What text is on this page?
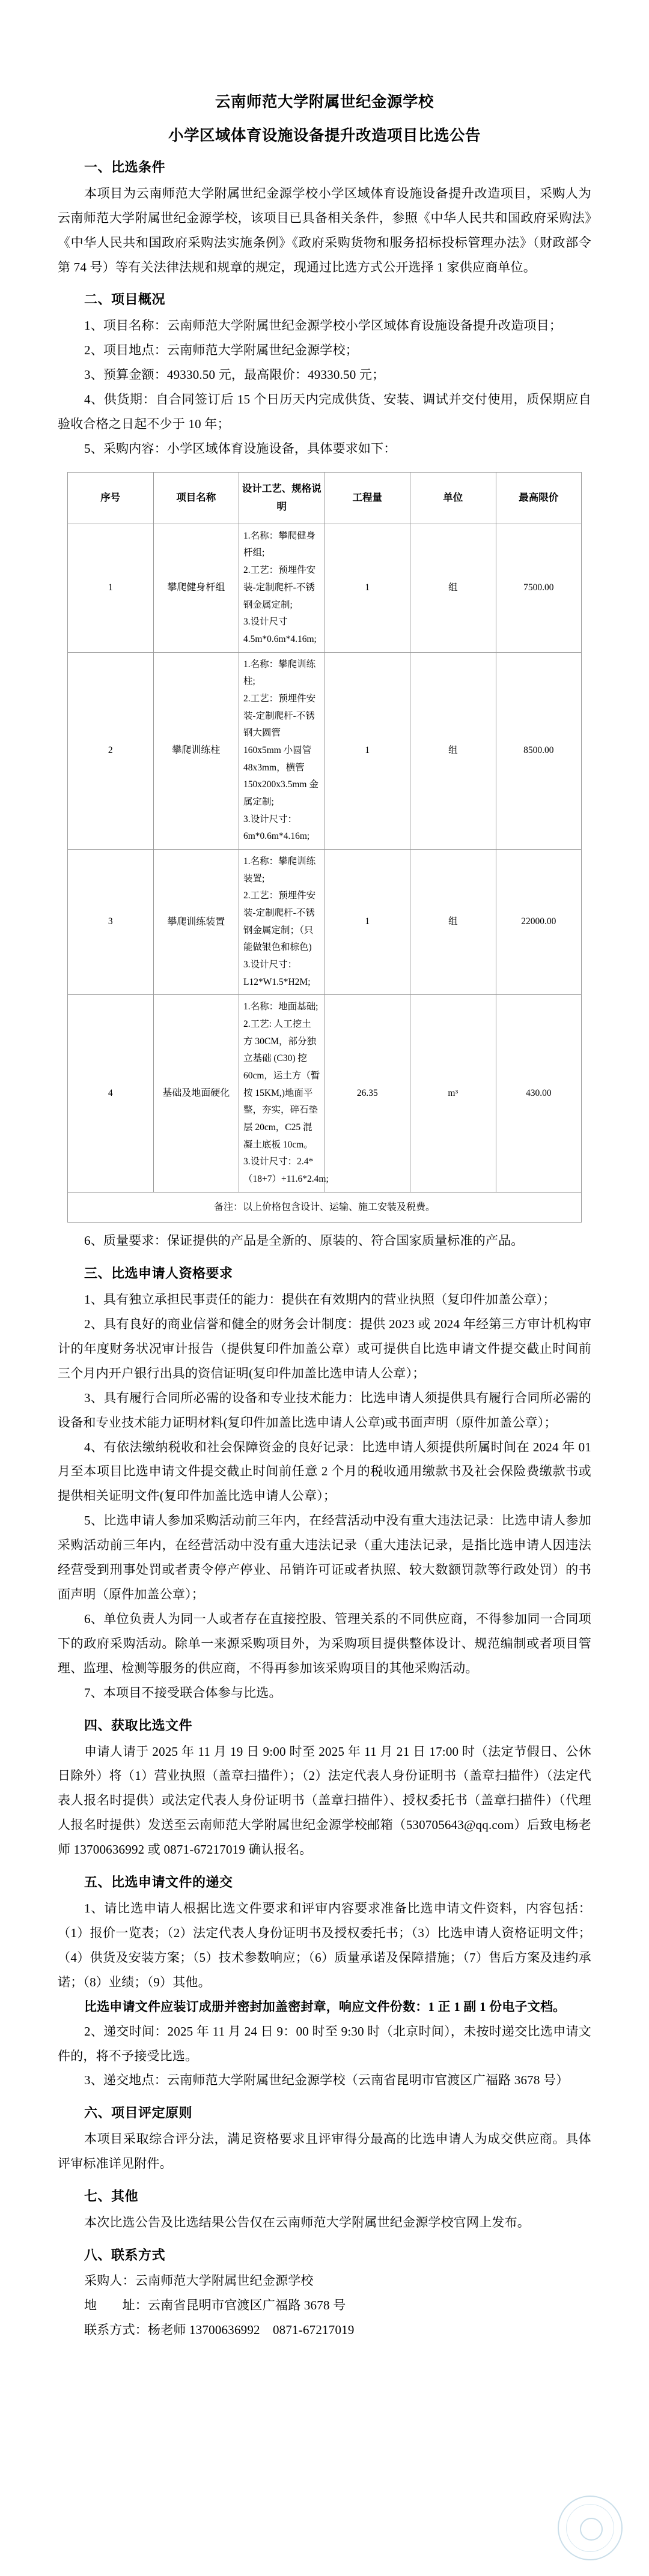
云南师范大学附属世纪金源学校
小学区域体育设施设备提升改造项目比选公告
一、比选条件

本项目为云南师范大学附属世纪金源学校小学区域体育设施设备提升改造项目，采购人为云南师范大学附属世纪金源学校，该项目已具备相关条件，参照《中华人民共和国政府采购法》《中华人民共和国政府采购法实施条例》《政府采购货物和服务招标投标管理办法》（财政部令第 74 号）等有关法律法规和规章的规定，现通过比选方式公开选择 1 家供应商单位。

二、项目概况

1、项目名称：云南师范大学附属世纪金源学校小学区域体育设施设备提升改造项目；

2、项目地点：云南师范大学附属世纪金源学校；

3、预算金额：49330.50 元，最高限价：49330.50 元；

4、供货期：自合同签订后 15 个日历天内完成供货、安装、调试并交付使用，质保期应自验收合格之日起不少于 10 年；

5、采购内容：小学区域体育设施设备，具体要求如下：

序号	项目名称	设计工艺、规格说明	工程量	单位	最高限价
1	攀爬健身杆组	1.名称：攀爬健身杆组;
2.工艺：预埋件安装-定制爬杆-不锈钢金属定制;
3.设计尺寸 4.5m*0.6m*4.16m;	1	组	7500.00
2	攀爬训练柱	1.名称：攀爬训练柱;
2.工艺：预埋件安装-定制爬杆-不锈钢大圆管 160x5mm 小圆管 48x3mm，横管 150x200x3.5mm 金属定制;
3.设计尺寸：6m*0.6m*4.16m;	1	组	8500.00
3	攀爬训练装置	1.名称：攀爬训练装置;
2.工艺：预埋件安装-定制爬杆-不锈钢金属定制；（只能做银色和棕色)
3.设计尺寸：L12*W1.5*H2M;	1	组	22000.00
4	基础及地面硬化	1.名称：地面基础;
2.工艺: 人工挖土方 30CM，部分独立基础 (C30) 挖 60cm，运土方（暂按 15KM,)地面平整，夯实，碎石垫层 20cm，C25 混凝土底板 10cm。
3.设计尺寸：2.4*（18+7）+11.6*2.4m;	26.35	m³	430.00
备注：以上价格包含设计、运输、施工安装及税费。					

6、质量要求：保证提供的产品是全新的、原装的、符合国家质量标准的产品。

三、比选申请人资格要求

1、具有独立承担民事责任的能力：提供在有效期内的营业执照（复印件加盖公章）；

2、具有良好的商业信誉和健全的财务会计制度：提供 2023 或 2024 年经第三方审计机构审计的年度财务状况审计报告（提供复印件加盖公章）或可提供自比选申请文件提交截止时间前三个月内开户银行出具的资信证明(复印件加盖比选申请人公章）；

3、具有履行合同所必需的设备和专业技术能力：比选申请人须提供具有履行合同所必需的设备和专业技术能力证明材料(复印件加盖比选申请人公章)或书面声明（原件加盖公章）；

4、有依法缴纳税收和社会保障资金的良好记录：比选申请人须提供所属时间在 2024 年 01 月至本项目比选申请文件提交截止时间前任意 2 个月的税收通用缴款书及社会保险费缴款书或提供相关证明文件(复印件加盖比选申请人公章）；

5、比选申请人参加采购活动前三年内，在经营活动中没有重大违法记录：比选申请人参加采购活动前三年内，在经营活动中没有重大违法记录（重大违法记录，是指比选申请人因违法经营受到刑事处罚或者责令停产停业、吊销许可证或者执照、较大数额罚款等行政处罚）的书面声明（原件加盖公章）；

6、单位负责人为同一人或者存在直接控股、管理关系的不同供应商，不得参加同一合同项下的政府采购活动。除单一来源采购项目外，为采购项目提供整体设计、规范编制或者项目管理、监理、检测等服务的供应商，不得再参加该采购项目的其他采购活动。

7、本项目不接受联合体参与比选。

四、获取比选文件

申请人请于 2025 年 11 月 19 日 9:00 时至 2025 年 11 月 21 日 17:00 时（法定节假日、公休日除外）将（1）营业执照（盖章扫描件）；（2）法定代表人身份证明书（盖章扫描件）（法定代表人报名时提供）或法定代表人身份证明书（盖章扫描件）、授权委托书（盖章扫描件）（代理人报名时提供）发送至云南师范大学附属世纪金源学校邮箱（530705643@qq.com）后致电杨老师 13700636992 或 0871-67217019 确认报名。

五、比选申请文件的递交

1、请比选申请人根据比选文件要求和评审内容要求准备比选申请文件资料，内容包括：（1）报价一览表；（2）法定代表人身份证明书及授权委托书；（3）比选申请人资格证明文件；（4）供货及安装方案；（5）技术参数响应；（6）质量承诺及保障措施；（7）售后方案及违约承诺；（8）业绩；（9）其他。

比选申请文件应装订成册并密封加盖密封章，响应文件份数：1 正 1 副 1 份电子文档。

2、递交时间：2025 年 11 月 24 日 9：00 时至 9:30 时（北京时间），未按时递交比选申请文件的，将不予接受比选。

3、递交地点：云南师范大学附属世纪金源学校（云南省昆明市官渡区广福路 3678 号）

六、项目评定原则

本项目采取综合评分法，满足资格要求且评审得分最高的比选申请人为成交供应商。具体评审标准详见附件。

七、其他

本次比选公告及比选结果公告仅在云南师范大学附属世纪金源学校官网上发布。

八、联系方式

采购人：云南师范大学附属世纪金源学校

地　　址：云南省昆明市官渡区广福路 3678 号

联系方式：杨老师 13700636992　0871-67217019
